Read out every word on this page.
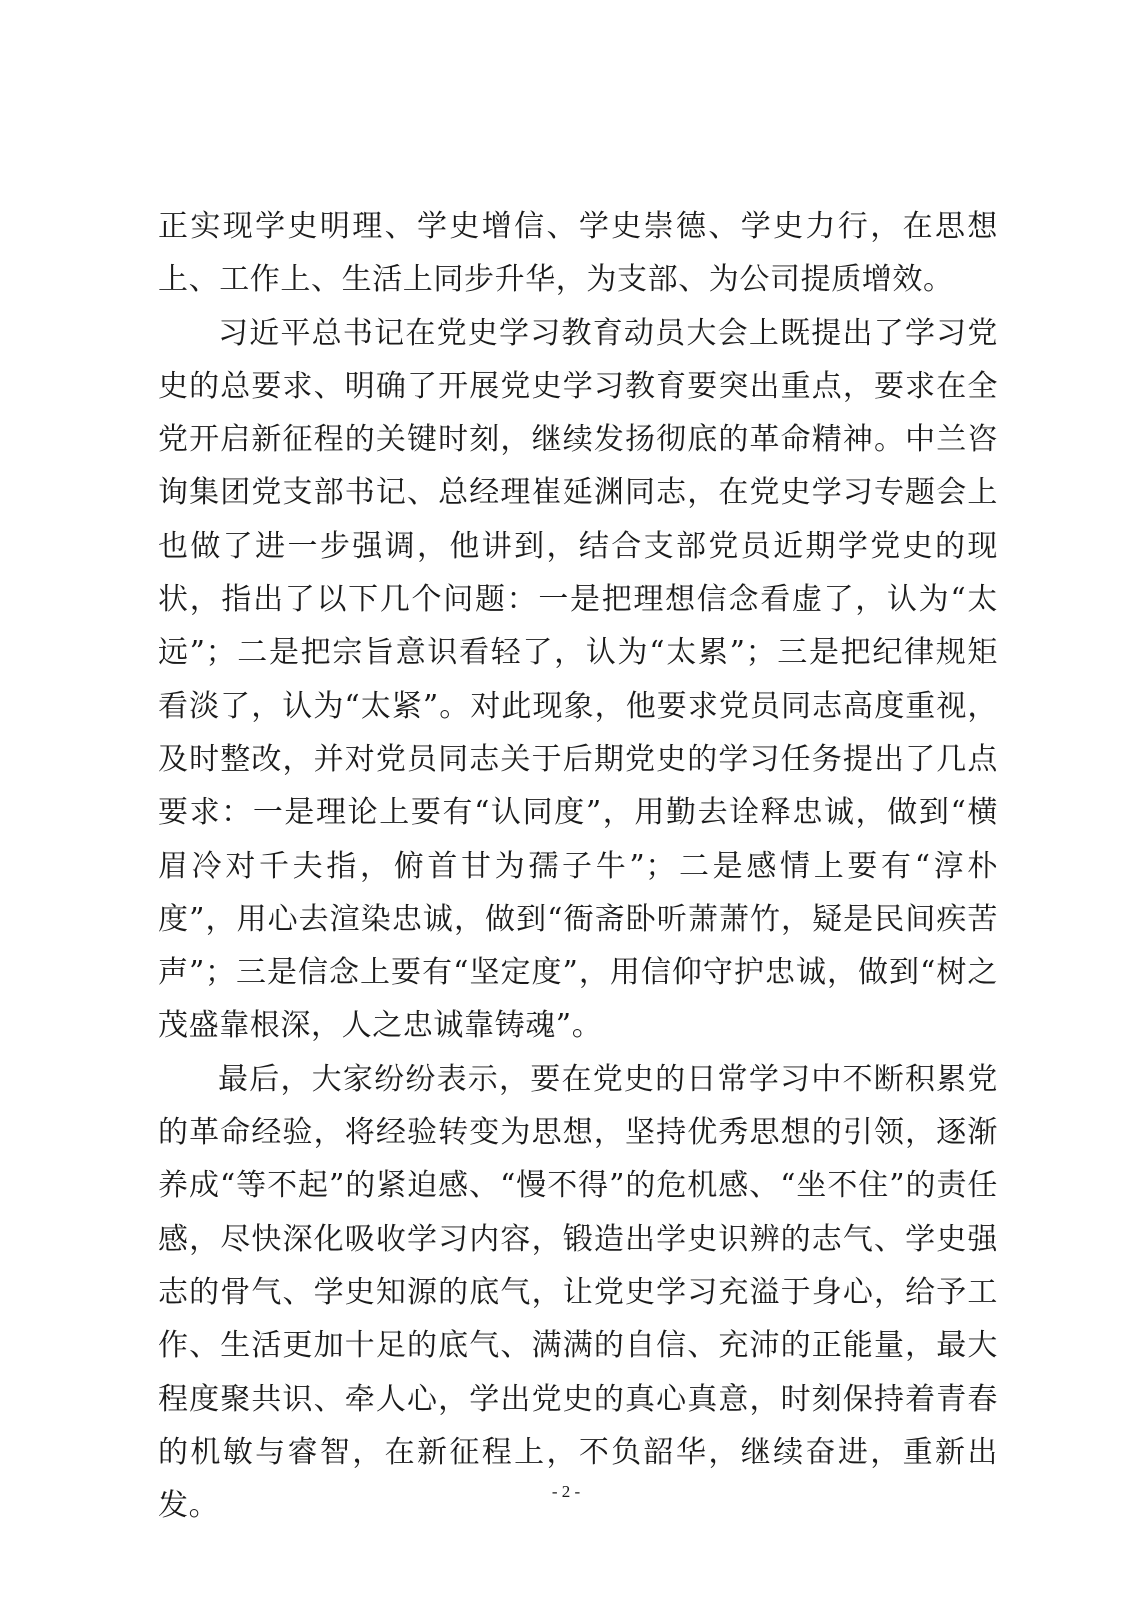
正实现学史明理、学史增信、学史崇德、学史力行，在思想上、工作上、生活上同步升华，为支部、为公司提质增效。

习近平总书记在党史学习教育动员大会上既提出了学习党史的总要求、明确了开展党史学习教育要突出重点，要求在全党开启新征程的关键时刻，继续发扬彻底的革命精神。中兰咨询集团党支部书记、总经理崔延渊同志，在党史学习专题会上也做了进一步强调，他讲到，结合支部党员近期学党史的现状，指出了以下几个问题：一是把理想信念看虚了，认为“太远”；二是把宗旨意识看轻了，认为“太累”；三是把纪律规矩看淡了，认为“太紧”。对此现象，他要求党员同志高度重视，及时整改，并对党员同志关于后期党史的学习任务提出了几点要求：一是理论上要有“认同度”，用勤去诠释忠诚，做到“横眉冷对千夫指，俯首甘为孺子牛”；二是感情上要有“淳朴度”，用心去渲染忠诚，做到“衙斋卧听萧萧竹，疑是民间疾苦声”；三是信念上要有“坚定度”，用信仰守护忠诚，做到“树之茂盛靠根深，人之忠诚靠铸魂”。

最后，大家纷纷表示，要在党史的日常学习中不断积累党的革命经验，将经验转变为思想，坚持优秀思想的引领，逐渐养成“等不起”的紧迫感、“慢不得”的危机感、“坐不住”的责任感，尽快深化吸收学习内容，锻造出学史识辨的志气、学史强志的骨气、学史知源的底气，让党史学习充溢于身心，给予工作、生活更加十足的底气、满满的自信、充沛的正能量，最大程度聚共识、牵人心，学出党史的真心真意，时刻保持着青春的机敏与睿智，在新征程上，不负韶华，继续奋进，重新出发。	- 2 -
